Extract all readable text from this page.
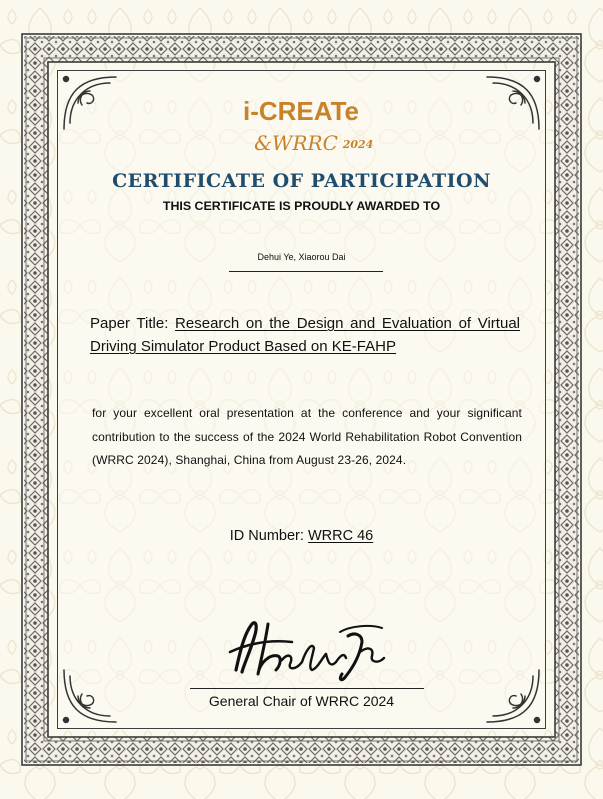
i-CREATe
&WRRC 2024

CERTIFICATE OF PARTICIPATION

THIS CERTIFICATE IS PROUDLY AWARDED TO

Dehui Ye, Xiaorou Dai

Paper Title: Research on the Design and Evaluation of Virtual Driving Simulator Product Based on KE-FAHP

for your excellent oral presentation at the conference and your significant contribution to the success of the 2024 World Rehabilitation Robot Convention (WRRC 2024), Shanghai, China from August 23-26, 2024.

ID Number: WRRC 46

General Chair of WRRC 2024
